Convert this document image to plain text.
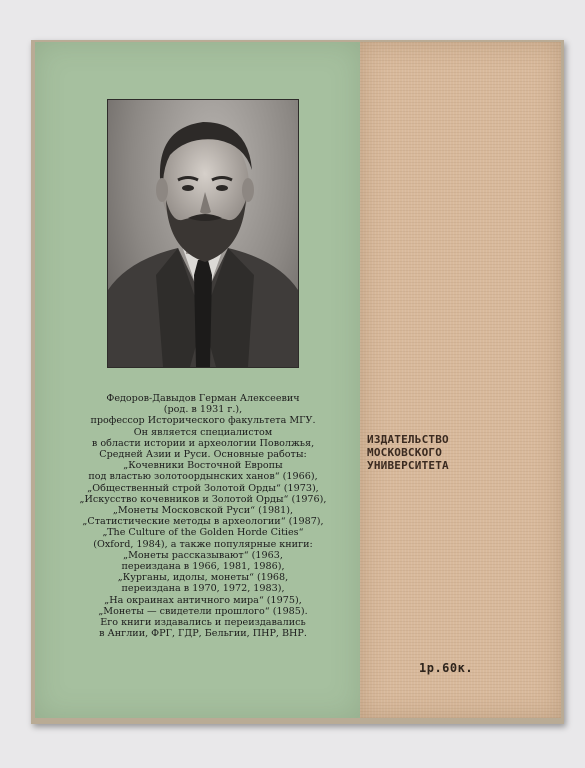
Федоров-Давыдов Герман Алексеевич
(род. в 1931 г.),
профессор Исторического факультета МГУ.
Он является специалистом
в области истории и археологии Поволжья,
Средней Азии и Руси. Основные работы:
„Кочевники Восточной Европы
под властью золотоордынских ханов“ (1966),
„Общественный строй Золотой Орды“ (1973),
„Искусство кочевников и Золотой Орды“ (1976),
„Монеты Московской Руси“ (1981),
„Статистические методы в археологии“ (1987),
„The Culture of the Golden Horde Cities“
(Oxford, 1984), а также популярные книги:
„Монеты рассказывают“ (1963,
переиздана в 1966, 1981, 1986),
„Курганы, идолы, монеты“ (1968,
переиздана в 1970, 1972, 1983),
„На окраинах античного мира“ (1975),
„Монеты — свидетели прошлого“ (1985).
Его книги издавались и переиздавались
в Англии, ФРГ, ГДР, Бельгии, ПНР, ВНР.
ИЗДАТЕЛЬСТВО
МОСКОВСКОГО
УНИВЕРСИТЕТА
1р.60к.
